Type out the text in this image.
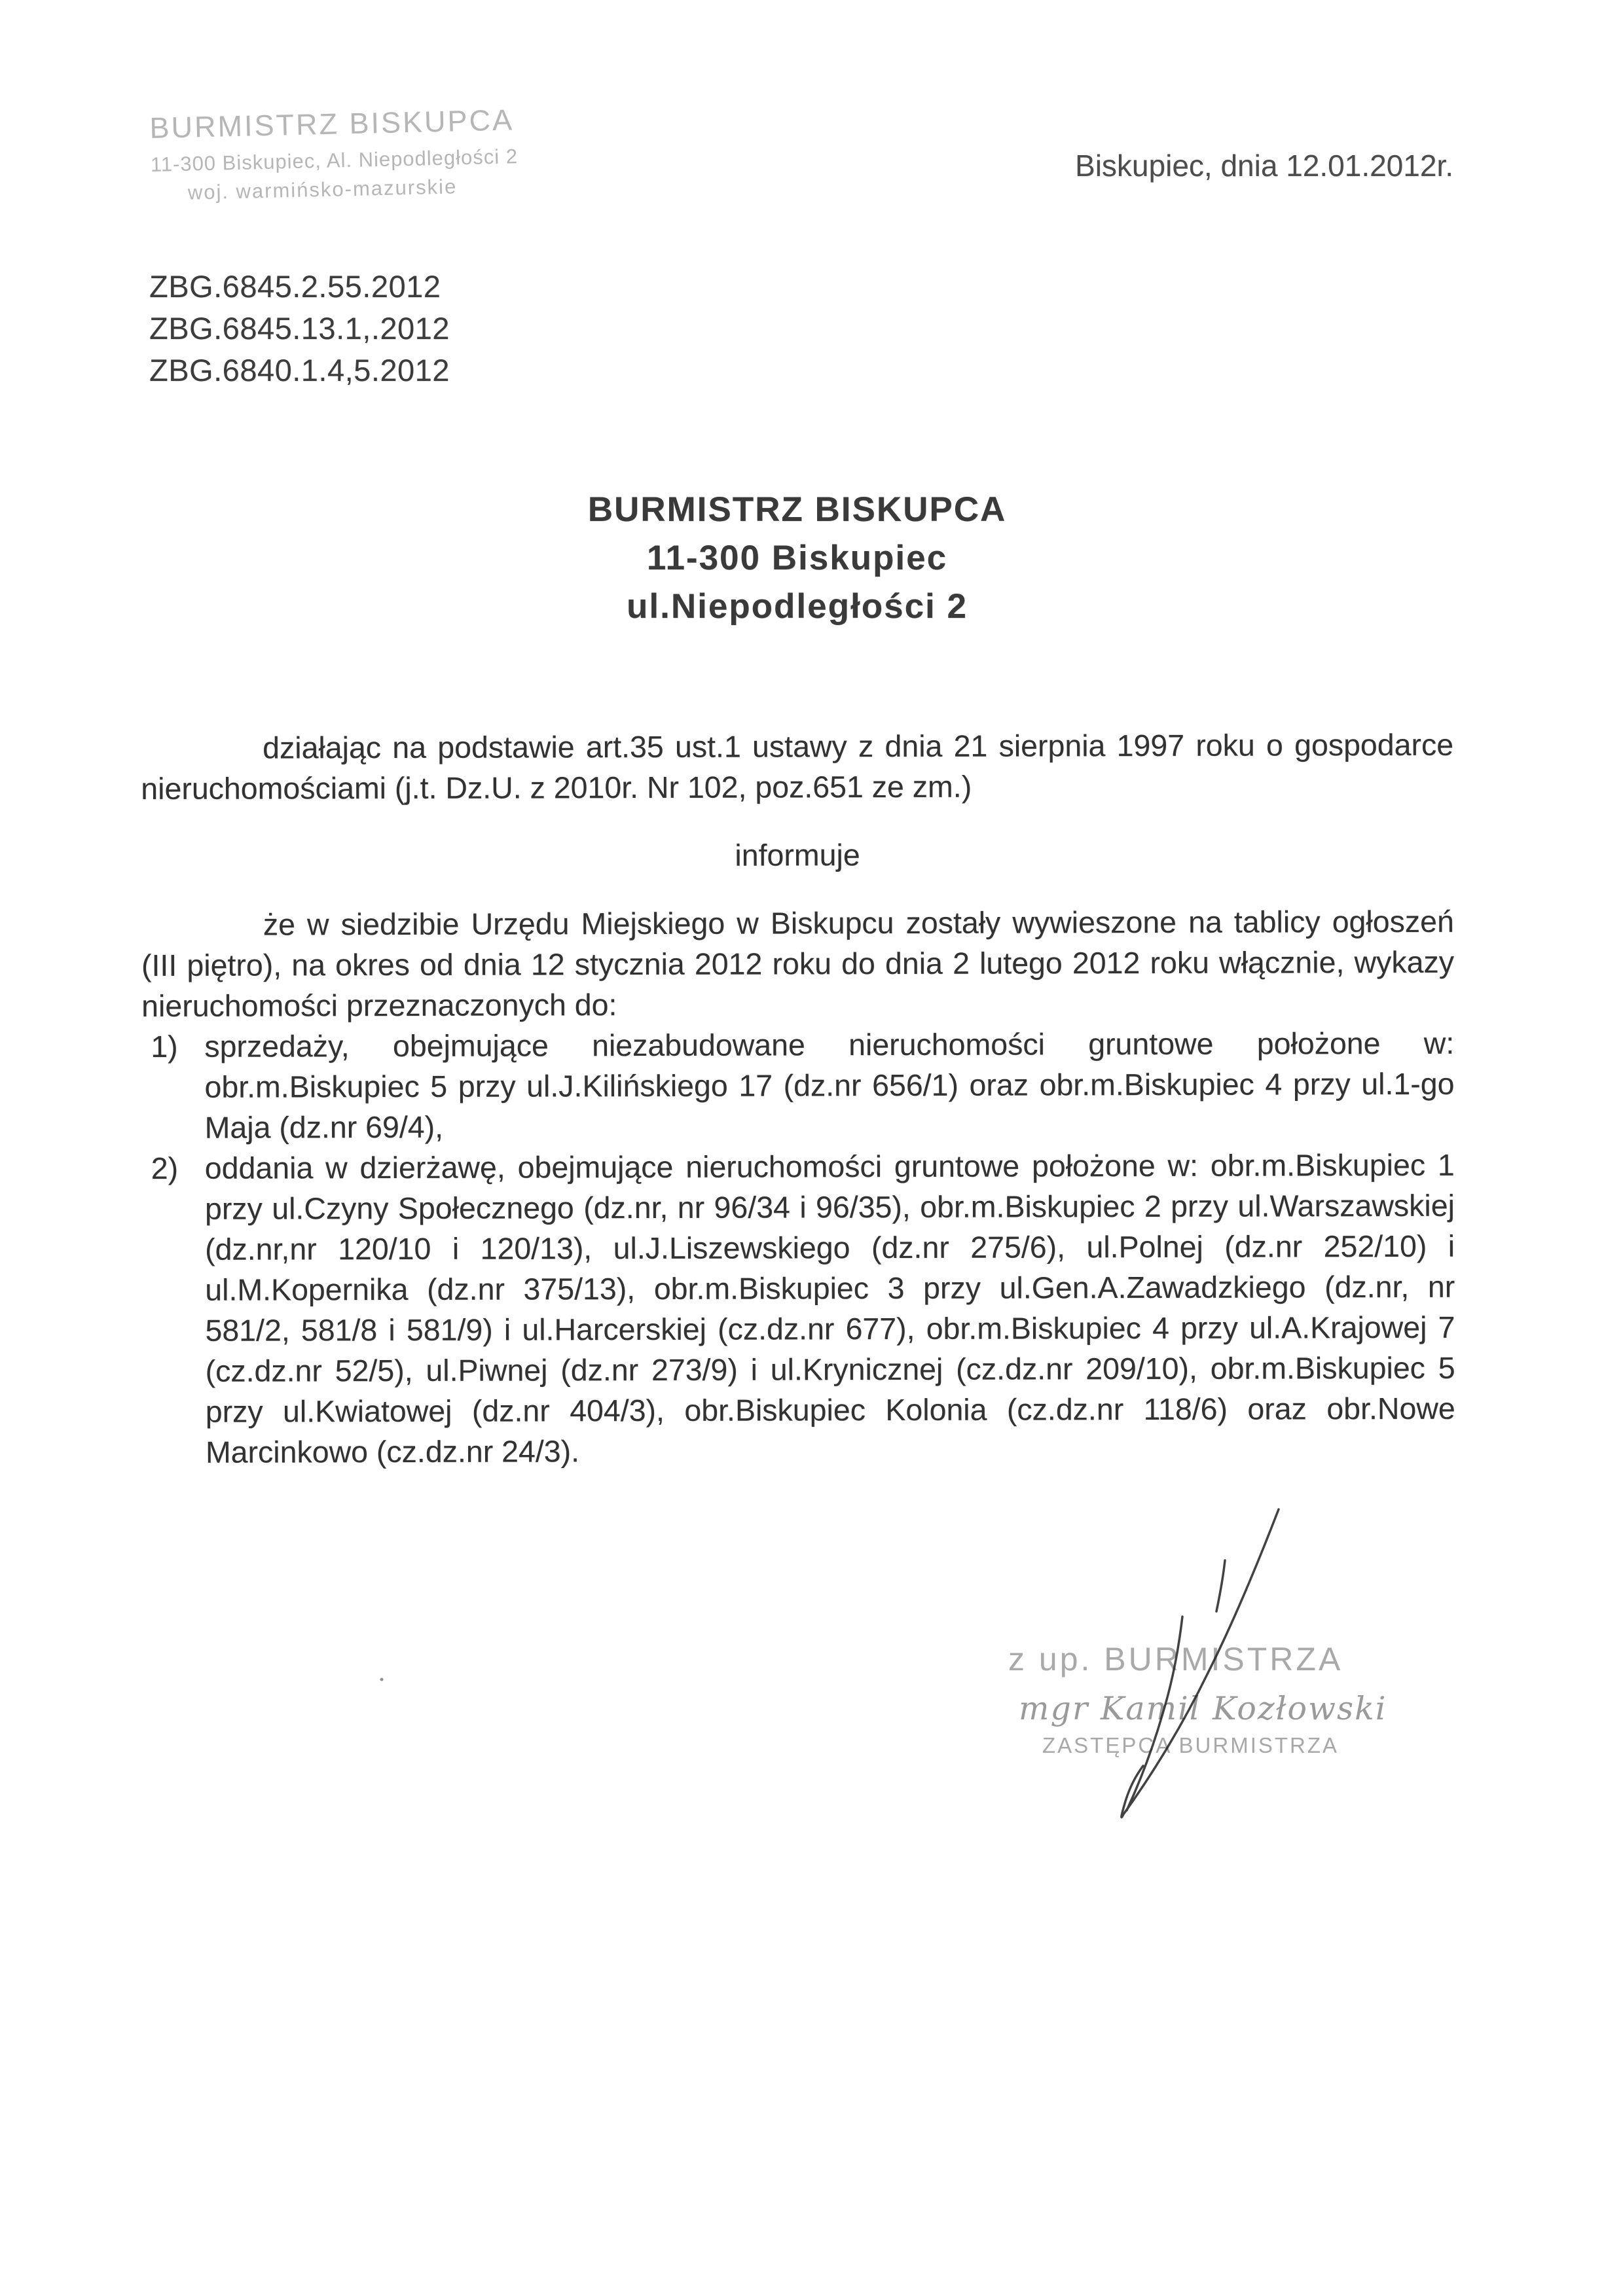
BURMISTRZ BISKUPCA
11-300 Biskupiec, Al. Niepodległości 2
woj. warmińsko-mazurskie
Biskupiec, dnia 12.01.2012r.
ZBG.6845.2.55.2012
ZBG.6845.13.1,.2012
ZBG.6840.1.4,5.2012
BURMISTRZ BISKUPCA
11-300 Biskupiec
ul.Niepodległości 2

działając na podstawie art.35 ust.1 ustawy z dnia 21 sierpnia 1997 roku o gospodarce nieruchomościami (j.t. Dz.U. z 2010r. Nr 102, poz.651 ze zm.)

informuje

że w siedzibie Urzędu Miejskiego w Biskupcu zostały wywieszone na tablicy ogłoszeń (III piętro), na okres od dnia 12 stycznia 2012 roku do dnia 2 lutego 2012 roku włącznie, wykazy nieruchomości przeznaczonych do:

1) sprzedaży, obejmujące niezabudowane nieruchomości gruntowe położone w: obr.m.Biskupiec 5 przy ul.J.Kilińskiego 17 (dz.nr 656/1) oraz obr.m.Biskupiec 4 przy ul.1-go Maja (dz.nr 69/4),
2) oddania w dzierżawę, obejmujące nieruchomości gruntowe położone w: obr.m.Biskupiec 1 przy ul.Czyny Społecznego (dz.nr, nr 96/34 i 96/35), obr.m.Biskupiec 2 przy ul.Warszawskiej (dz.nr,nr 120/10 i 120/13), ul.J.Liszewskiego (dz.nr 275/6), ul.Polnej (dz.nr 252/10) i ul.M.Kopernika (dz.nr 375/13), obr.m.Biskupiec 3 przy ul.Gen.A.Zawadzkiego (dz.nr, nr 581/2, 581/8 i 581/9) i ul.Harcerskiej (cz.dz.nr 677), obr.m.Biskupiec 4 przy ul.A.Krajowej 7 (cz.dz.nr 52/5), ul.Piwnej (dz.nr 273/9) i ul.Krynicznej (cz.dz.nr 209/10), obr.m.Biskupiec 5 przy ul.Kwiatowej (dz.nr 404/3), obr.Biskupiec Kolonia (cz.dz.nr 118/6) oraz obr.Nowe Marcinkowo (cz.dz.nr 24/3).
z up. BURMISTRZA
mgr Kamil Kozłowski
ZASTĘPCA BURMISTRZA
